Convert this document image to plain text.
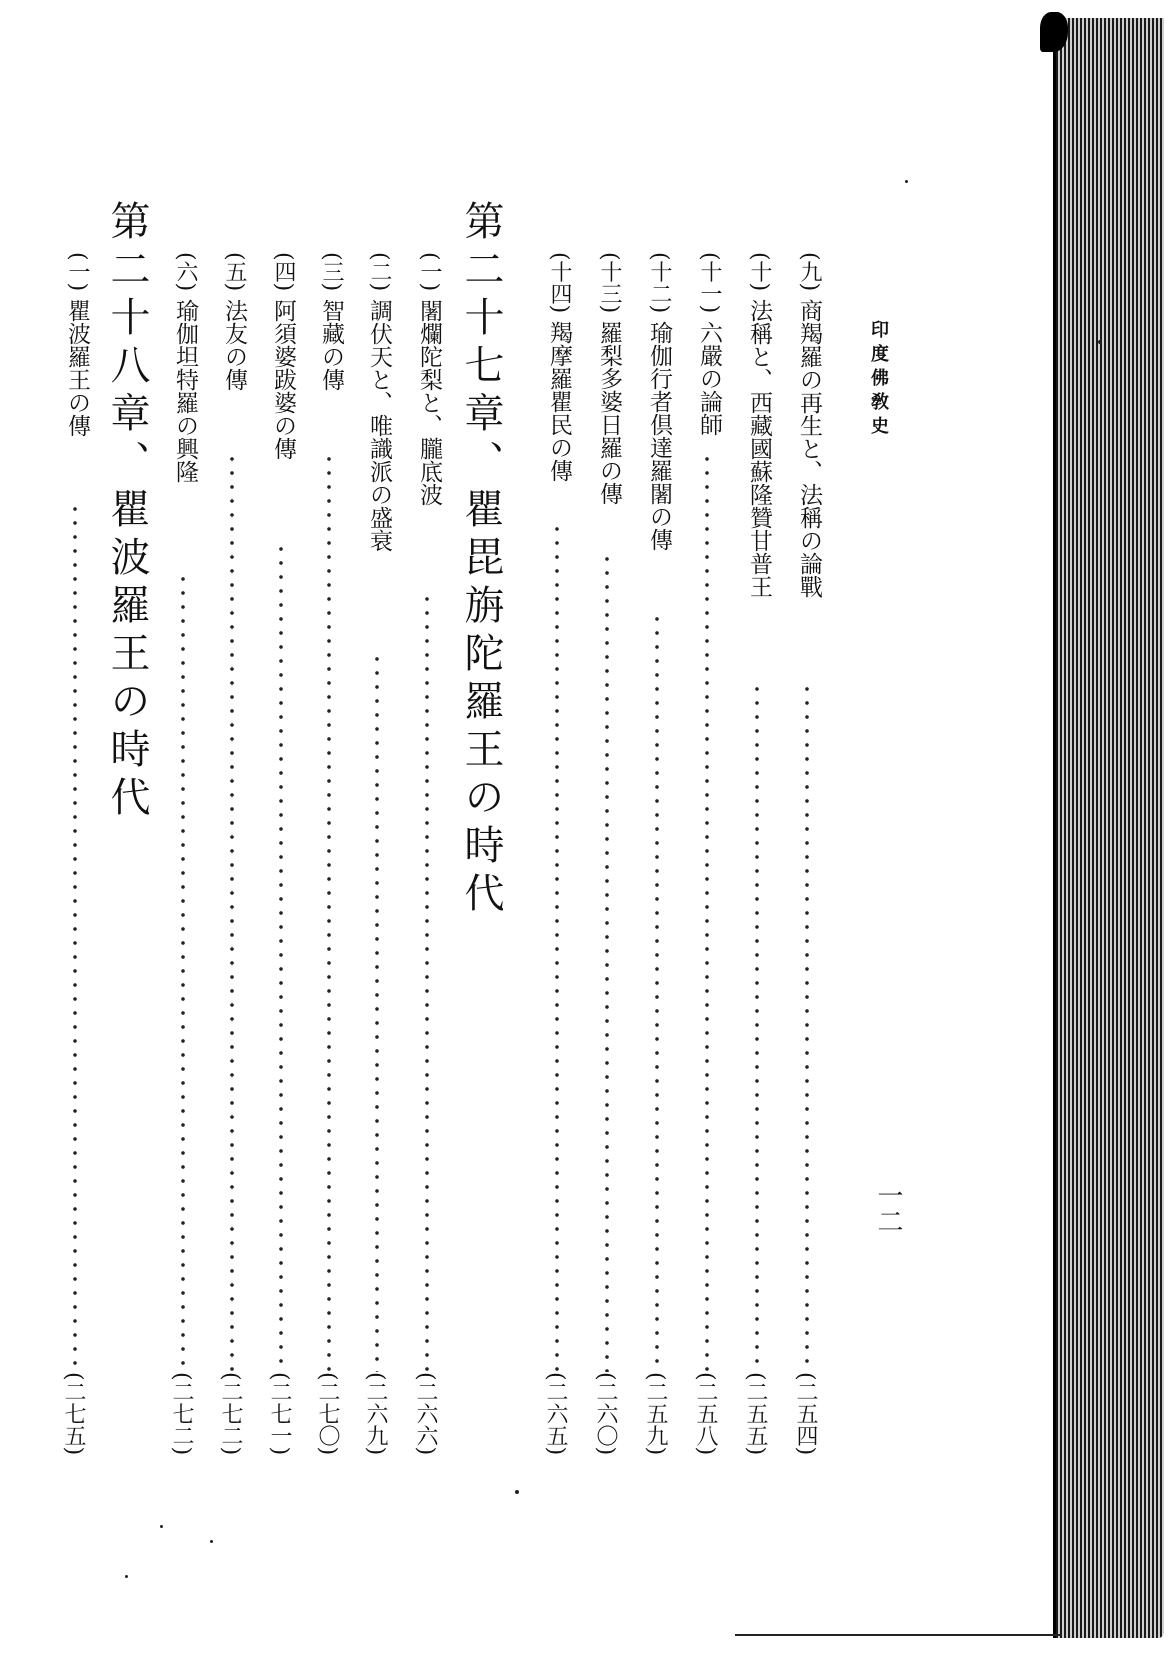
印度佛敎史
一二
(九)商羯羅の再生と、法稱の論戰
(二五四)
(十)法稱と、西藏國蘇隆贊甘普王
(二五五)
(十一)六嚴の論師
(二五八)
(十二)瑜伽行者倶達羅闍の傳
(二五九)
(十三)羅梨多婆日羅の傳
(二六〇)
(十四)羯摩羅瞿民の傳
(二六五)
第二十七章、瞿毘旃陀羅王の時代
(一)闍爛陀梨と、朧底波
(二六六)
(二)調伏天と、唯識派の盛衰
(二六九)
(三)智藏の傳
(二七〇)
(四)阿須婆跋婆の傳
(二七一)
(五)法友の傳
(二七二)
(六)瑜伽坦特羅の興隆
(二七二)
第二十八章、瞿波羅王の時代
(一)瞿波羅王の傳
(二七五)
